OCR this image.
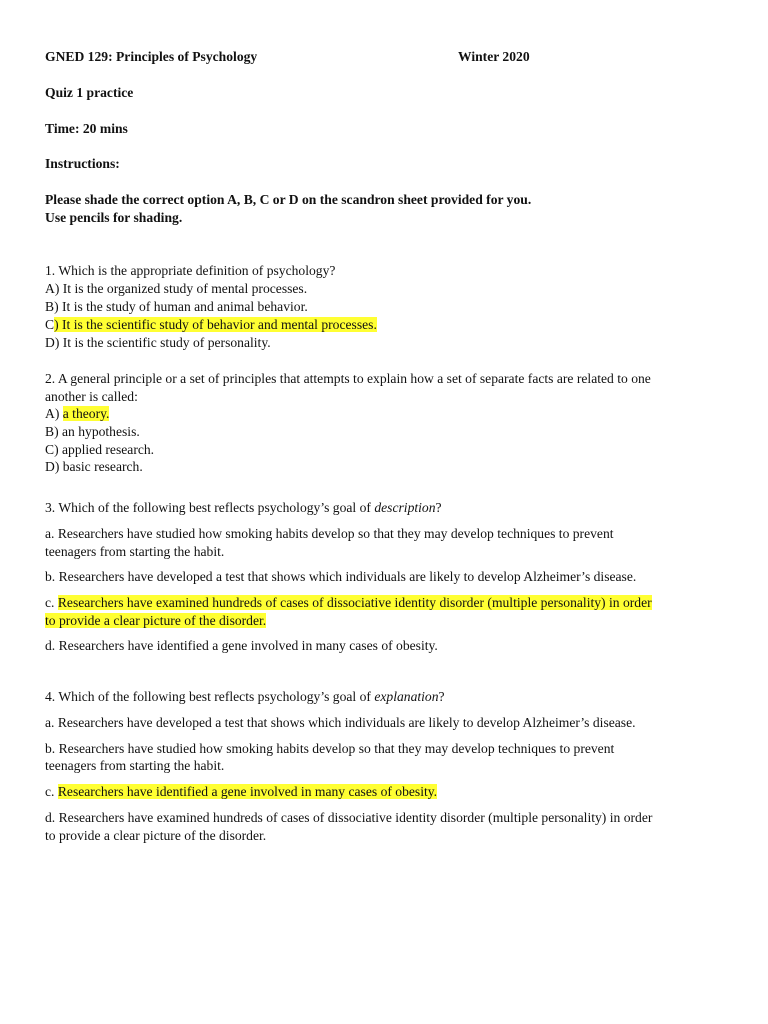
GNED 129: Principles of Psychology	Winter 2020
Quiz 1 practice
Time: 20 mins
Instructions:
Please shade the correct option A, B, C or D on the scandron sheet provided for you.
Use pencils for shading.
1. Which is the appropriate definition of psychology?
A) It is the organized study of mental processes.
B) It is the study of human and animal behavior.
C) It is the scientific study of behavior and mental processes.
D) It is the scientific study of personality.
2. A general principle or a set of principles that attempts to explain how a set of separate facts are related to one
another is called:
A) a theory.
B) an hypothesis.
C) applied research.
D) basic research.
3. Which of the following best reflects psychology’s goal of description?
a. Researchers have studied how smoking habits develop so that they may develop techniques to prevent
teenagers from starting the habit.
b. Researchers have developed a test that shows which individuals are likely to develop Alzheimer’s disease.
c. Researchers have examined hundreds of cases of dissociative identity disorder (multiple personality) in order
to provide a clear picture of the disorder.
d. Researchers have identified a gene involved in many cases of obesity.
4. Which of the following best reflects psychology’s goal of explanation?
a. Researchers have developed a test that shows which individuals are likely to develop Alzheimer’s disease.
b. Researchers have studied how smoking habits develop so that they may develop techniques to prevent
teenagers from starting the habit.
c. Researchers have identified a gene involved in many cases of obesity.
d. Researchers have examined hundreds of cases of dissociative identity disorder (multiple personality) in order
to provide a clear picture of the disorder.
